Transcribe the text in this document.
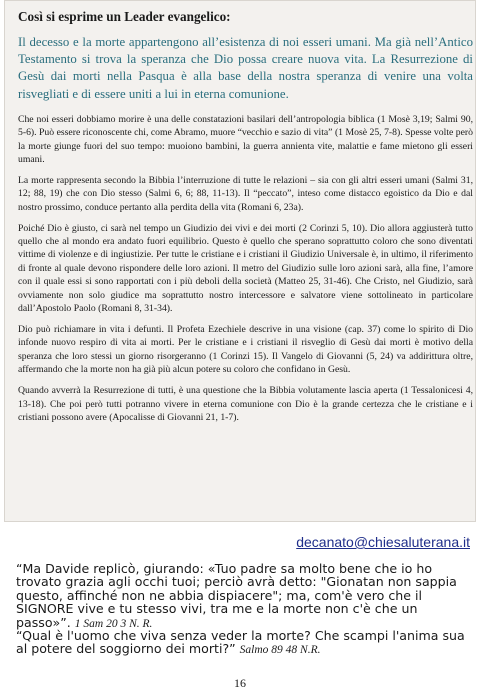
Così si esprime un Leader evangelico:
Il decesso e la morte appartengono all’esistenza di noi esseri umani. Ma già nell’Antico Testamento si trova la speranza che Dio possa creare nuova vita. La Resurrezione di Gesù dai morti nella Pasqua è alla base della nostra speranza di venire una volta risvegliati e di essere uniti a lui in eterna comunione.
Che noi esseri dobbiamo morire è una delle constatazioni basilari dell’antropologia biblica (1 Mosè 3,19; Salmi 90, 5-6). Può essere riconoscente chi, come Abramo, muore “vecchio e sazio di vita” (1 Mosè 25, 7-8). Spesse volte però la morte giunge fuori del suo tempo: muoiono bambini, la guerra annienta vite, malattie e fame mietono gli esseri umani.
La morte rappresenta secondo la Bibbia l’interruzione di tutte le relazioni – sia con gli altri esseri umani (Salmi 31, 12; 88, 19) che con Dio stesso (Salmi 6, 6; 88, 11-13). Il “peccato”, inteso come distacco egoistico da Dio e dal nostro prossimo, conduce pertanto alla perdita della vita (Romani 6, 23a).
Poiché Dio è giusto, ci sarà nel tempo un Giudizio dei vivi e dei morti (2 Corinzi 5, 10). Dio allora aggiusterà tutto quello che al mondo era andato fuori equilibrio. Questo è quello che sperano soprattutto coloro che sono diventati vittime di violenze e di ingiustizie. Per tutte le cristiane e i cristiani il Giudizio Universale è, in ultimo, il riferimento di fronte al quale devono rispondere delle loro azioni. Il metro del Giudizio sulle loro azioni sarà, alla fine, l’amore con il quale essi si sono rapportati con i più deboli della società (Matteo 25, 31-46). Che Cristo, nel Giudizio, sarà ovviamente non solo giudice ma soprattutto nostro intercessore e salvatore viene sottolineato in particolare dall’Apostolo Paolo (Romani 8, 31-34).
Dio può richiamare in vita i defunti. Il Profeta Ezechiele descrive in una visione (cap. 37) come lo spirito di Dio infonde nuovo respiro di vita ai morti. Per le cristiane e i cristiani il risveglio di Gesù dai morti è motivo della speranza che loro stessi un giorno risorgeranno (1 Corinzi 15). Il Vangelo di Giovanni (5, 24) va addirittura oltre, affermando che la morte non ha già più alcun potere su coloro che confidano in Gesù.
Quando avverrà la Resurrezione di tutti, è una questione che la Bibbia volutamente lascia aperta (1 Tessalonicesi 4, 13-18). Che poi però tutti potranno vivere in eterna comunione con Dio è la grande certezza che le cristiane e i cristiani possono avere (Apocalisse di Giovanni 21, 1-7).
decanato@chiesaluterana.it
“Ma Davide replicò, giurando: «Tuo padre sa molto bene che io ho trovato grazia agli occhi tuoi; perciò avrà detto: "Gionatan non sappia questo, affinché non ne abbia dispiacere"; ma, com'è vero che il SIGNORE vive e tu stesso vivi, tra me e la morte non c'è che un passo»”. 1 Sam 20 3 N. R.
“Qual è l'uomo che viva senza veder la morte? Che scampi l'anima sua al potere del soggiorno dei morti?” Salmo 89 48 N.R.
16
